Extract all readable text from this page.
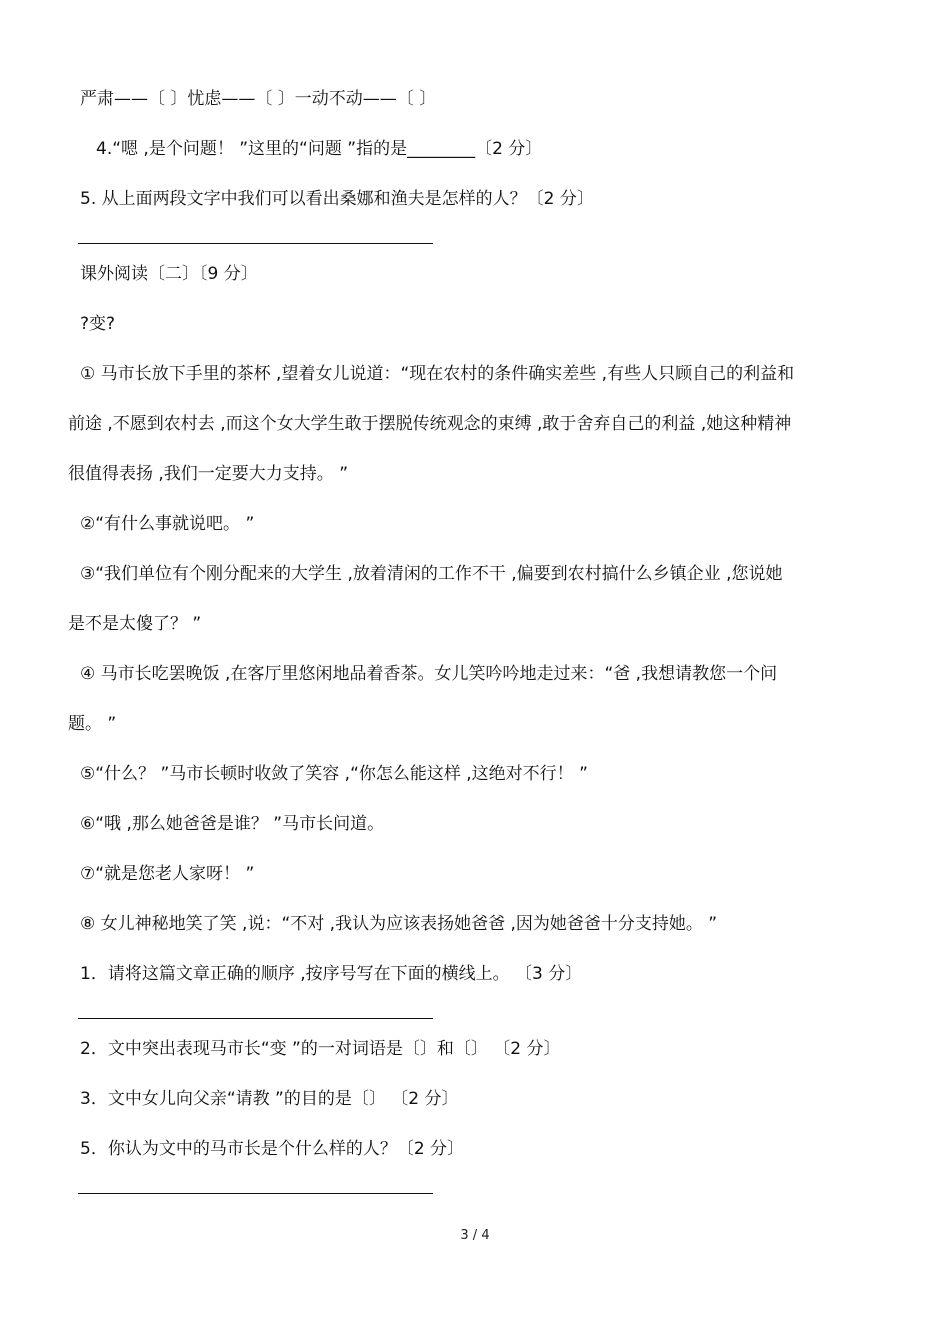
严肃——〔 〕忧虑——〔 〕一动不动——〔 〕
4.“嗯 ,是个问题！ ”这里的“问题 ”指的是________〔2 分〕
5. 从上面两段文字中我们可以看出桑娜和渔夫是怎样的人？〔2 分〕
课外阅读〔二〕〔9 分〕
?变?
① 马市长放下手里的茶杯 ,望着女儿说道：“现在农村的条件确实差些 ,有些人只顾自己的利益和
前途 ,不愿到农村去 ,而这个女大学生敢于摆脱传统观念的束缚 ,敢于舍弃自己的利益 ,她这种精神
很值得表扬 ,我们一定要大力支持。 ”
②“有什么事就说吧。 ”
③“我们单位有个刚分配来的大学生 ,放着清闲的工作不干 ,偏要到农村搞什么乡镇企业 ,您说她
是不是太傻了？ ”
④ 马市长吃罢晚饭 ,在客厅里悠闲地品着香茶。女儿笑吟吟地走过来：“爸 ,我想请教您一个问
题。 ”
⑤“什么？ ”马市长顿时收敛了笑容 ,“你怎么能这样 ,这绝对不行！ ”
⑥“哦 ,那么她爸爸是谁？ ”马市长问道。
⑦“就是您老人家呀！ ”
⑧ 女儿神秘地笑了笑 ,说：“不对 ,我认为应该表扬她爸爸 ,因为她爸爸十分支持她。 ”
1．请将这篇文章正确的顺序 ,按序号写在下面的横线上。 〔3 分〕
2．文中突出表现马市长“变 ”的一对词语是〔〕和〔〕 〔2 分〕
3．文中女儿向父亲“请教 ”的目的是〔〕 〔2 分〕
5．你认为文中的马市长是个什么样的人？〔2 分〕
3 / 4
